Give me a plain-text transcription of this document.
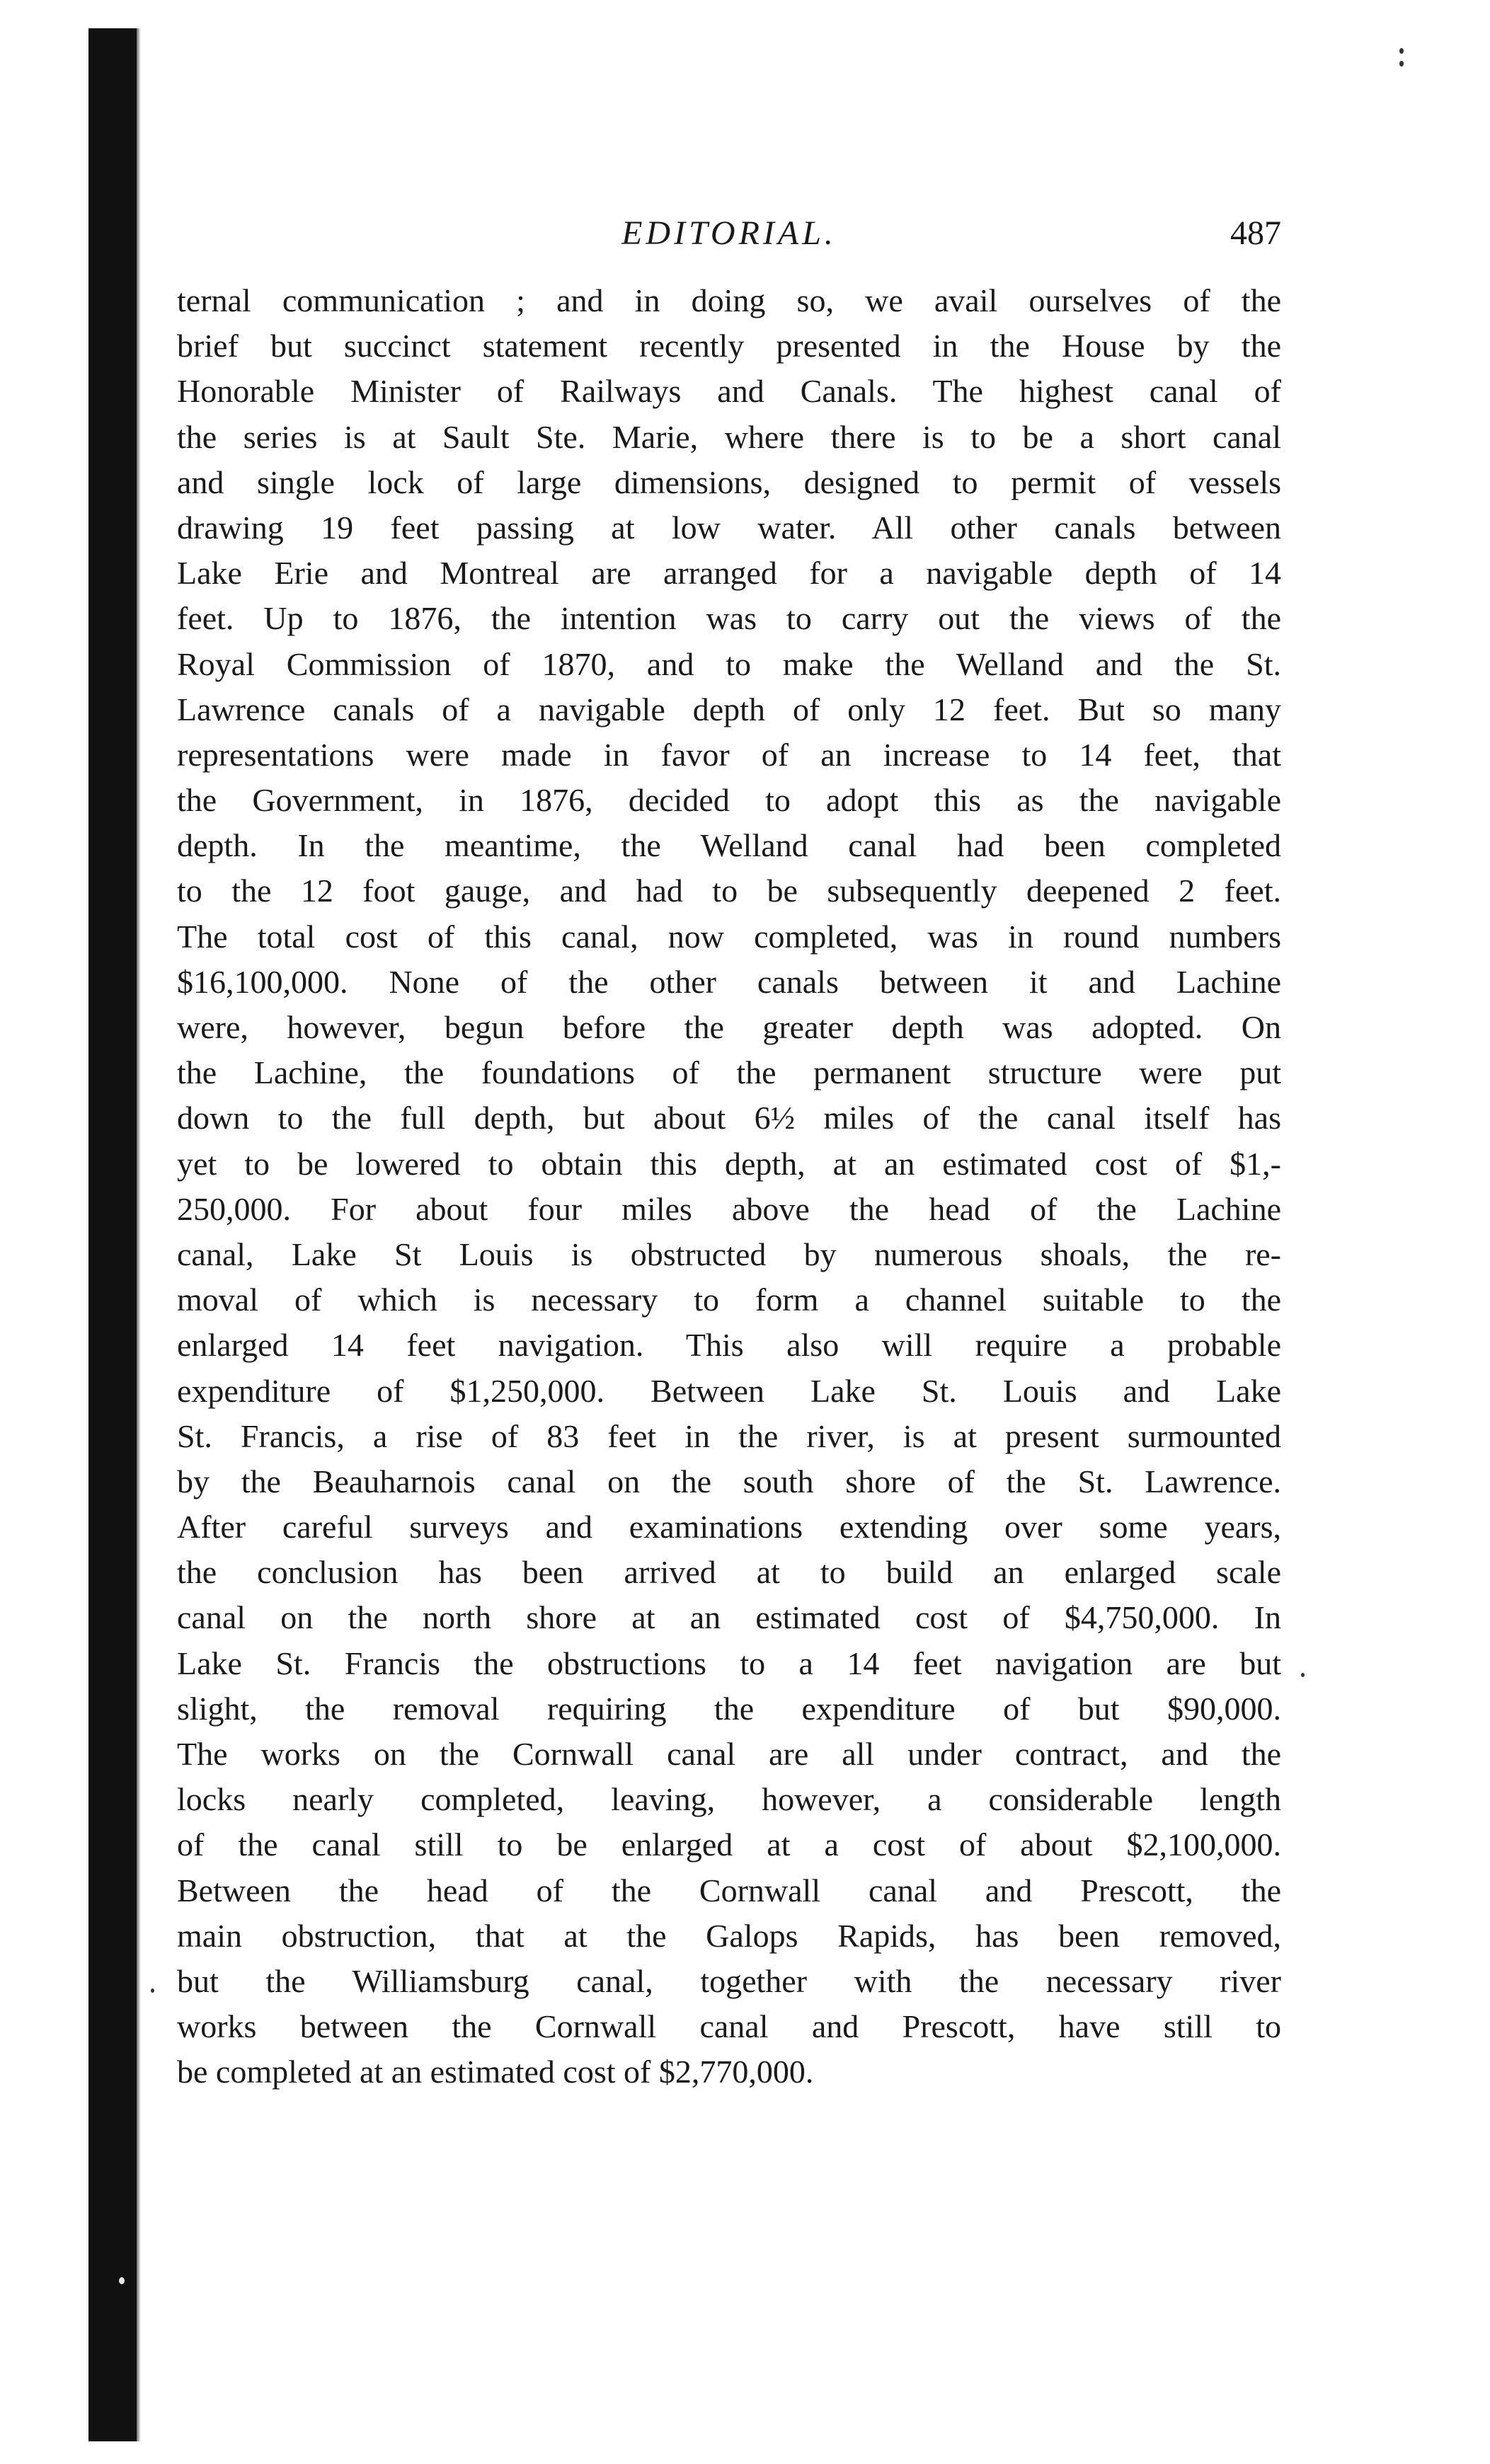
EDITORIAL.	487
ternal communication ; and in doing so, we avail ourselves of the
brief but succinct statement recently presented in the House by the
Honorable Minister of Railways and Canals. The highest canal of
the series is at Sault Ste. Marie, where there is to be a short canal
and single lock of large dimensions, designed to permit of vessels
drawing 19 feet passing at low water. All other canals between
Lake Erie and Montreal are arranged for a navigable depth of 14
feet. Up to 1876, the intention was to carry out the views of the
Royal Commission of 1870, and to make the Welland and the St.
Lawrence canals of a navigable depth of only 12 feet. But so many
representations were made in favor of an increase to 14 feet, that
the Government, in 1876, decided to adopt this as the navigable
depth. In the meantime, the Welland canal had been completed
to the 12 foot gauge, and had to be subsequently deepened 2 feet.
The total cost of this canal, now completed, was in round numbers
$16,100,000. None of the other canals between it and Lachine
were, however, begun before the greater depth was adopted. On
the Lachine, the foundations of the permanent structure were put
down to the full depth, but about 6½ miles of the canal itself has
yet to be lowered to obtain this depth, at an estimated cost of $1,-
250,000. For about four miles above the head of the Lachine
canal, Lake St Louis is obstructed by numerous shoals, the re-
moval of which is necessary to form a channel suitable to the
enlarged 14 feet navigation. This also will require a probable
expenditure of $1,250,000. Between Lake St. Louis and Lake
St. Francis, a rise of 83 feet in the river, is at present surmounted
by the Beauharnois canal on the south shore of the St. Lawrence.
After careful surveys and examinations extending over some years,
the conclusion has been arrived at to build an enlarged scale
canal on the north shore at an estimated cost of $4,750,000. In
Lake St. Francis the obstructions to a 14 feet navigation are but
slight, the removal requiring the expenditure of but $90,000.
The works on the Cornwall canal are all under contract, and the
locks nearly completed, leaving, however, a considerable length
of the canal still to be enlarged at a cost of about $2,100,000.
Between the head of the Cornwall canal and Prescott, the
main obstruction, that at the Galops Rapids, has been removed,
but the Williamsburg canal, together with the necessary river
works between the Cornwall canal and Prescott, have still to
be completed at an estimated cost of $2,770,000.
